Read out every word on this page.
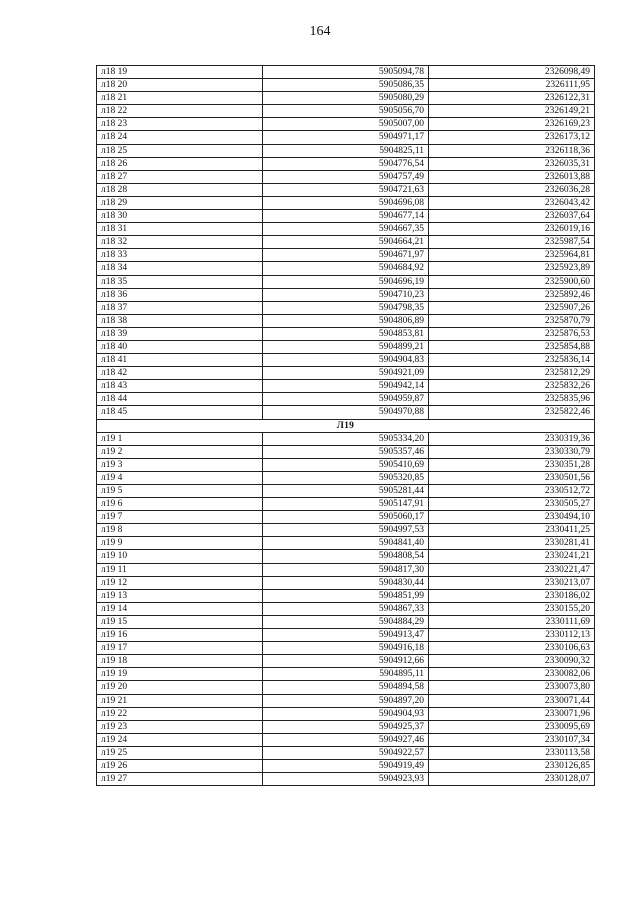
164
л18 19	5905094,78	2326098,49
л18 20	5905086,35	2326111,95
л18 21	5905080,29	2326122,31
л18 22	5905056,70	2326149,21
л18 23	5905007,00	2326169,23
л18 24	5904971,17	2326173,12
л18 25	5904825,11	2326118,36
л18 26	5904776,54	2326035,31
л18 27	5904757,49	2326013,88
л18 28	5904721,63	2326036,28
л18 29	5904696,08	2326043,42
л18 30	5904677,14	2326037,64
л18 31	5904667,35	2326019,16
л18 32	5904664,21	2325987,54
л18 33	5904671,97	2325964,81
л18 34	5904684,92	2325923,89
л18 35	5904696,19	2325900,60
л18 36	5904710,23	2325892,46
л18 37	5904798,35	2325907,26
л18 38	5904806,89	2325870,79
л18 39	5904853,81	2325876,53
л18 40	5904899,21	2325854,88
л18 41	5904904,83	2325836,14
л18 42	5904921,09	2325812,29
л18 43	5904942,14	2325832,26
л18 44	5904959,87	2325835,96
л18 45	5904970,88	2325822,46
Л19		
л19 1	5905334,20	2330319,36
л19 2	5905357,46	2330330,79
л19 3	5905410,69	2330351,28
л19 4	5905320,85	2330501,56
л19 5	5905281,44	2330512,72
л19 6	5905147,91	2330505,27
л19 7	5905060,17	2330494,10
л19 8	5904997,53	2330411,25
л19 9	5904841,40	2330281,41
л19 10	5904808,54	2330241,21
л19 11	5904817,30	2330221,47
л19 12	5904830,44	2330213,07
л19 13	5904851,99	2330186,02
л19 14	5904867,33	2330155,20
л19 15	5904884,29	2330111,69
л19 16	5904913,47	2330112,13
л19 17	5904916,18	2330106,63
л19 18	5904912,66	2330090,32
л19 19	5904895,11	2330082,06
л19 20	5904894,58	2330073,80
л19 21	5904897,20	2330071,44
л19 22	5904904,93	2330071,96
л19 23	5904925,37	2330095,69
л19 24	5904927,46	2330107,34
л19 25	5904922,57	2330113,58
л19 26	5904919,49	2330126,85
л19 27	5904923,93	2330128,07
